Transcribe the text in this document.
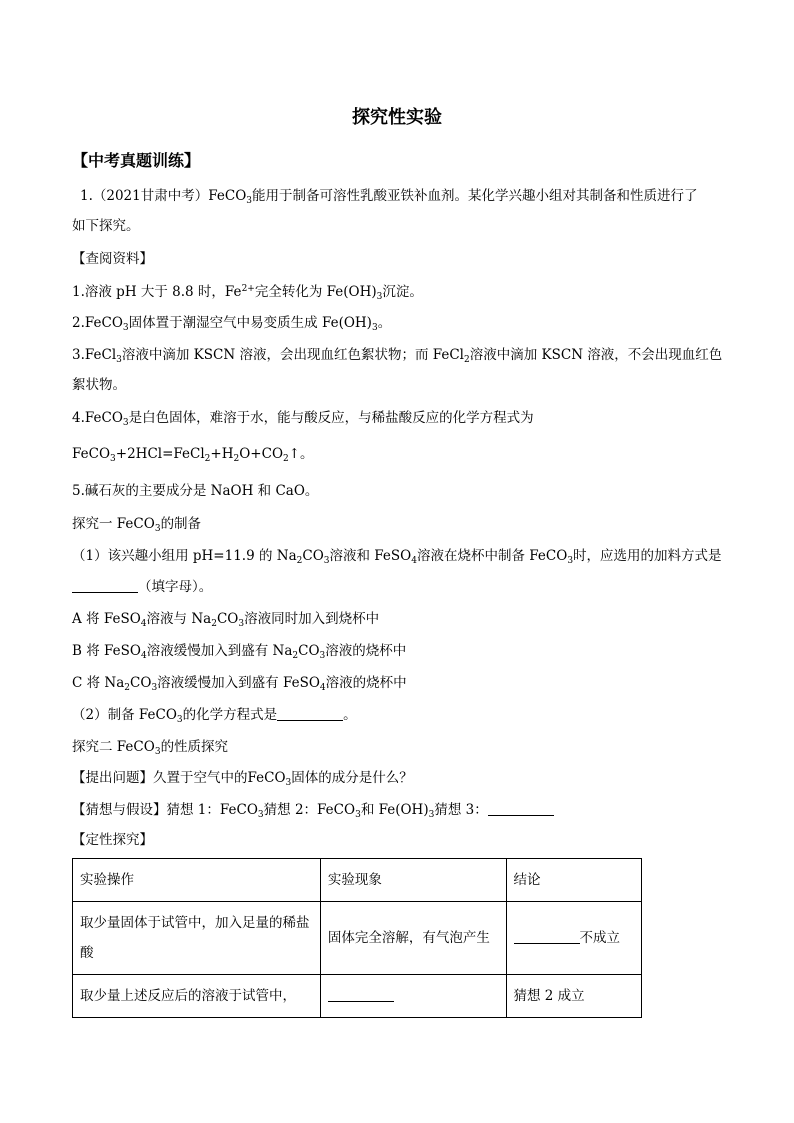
探究性实验
【中考真题训练】
1.（2021甘肃中考）FeCO$_3$能用于制备可溶性乳酸亚铁补血剂。某化学兴趣小组对其制备和性质进行了
如下探究。
【查阅资料】
1.溶液 pH 大于 8.8 时，$Fe^{2+}$完全转化为 $Fe(OH)_3$沉淀。
2.FeCO$_3$固体置于潮湿空气中易变质生成 $Fe(OH)_3$。
3.FeCl$_3$溶液中滴加 KSCN 溶液，会出现血红色絮状物；而 FeCl$_2$溶液中滴加 KSCN 溶液，不会出现血红色
絮状物。
4.FeCO$_3$是白色固体，难溶于水，能与酸反应，与稀盐酸反应的化学方程式为
$FeCO_3+2HCl=FeCl_2+H_2O+CO_2↑$。
5.碱石灰的主要成分是 NaOH 和 CaO。
探究一 FeCO$_3$的制备
（1）该兴趣小组用 pH=11.9 的 $Na_2CO_3$溶液和 FeSO$_4$溶液在烧杯中制备 FeCO$_3$时，应选用的加料方式是
（填字母）。
A 将 FeSO$_4$溶液与 $Na_2CO_3$溶液同时加入到烧杯中
B 将 FeSO$_4$溶液缓慢加入到盛有 $Na_2CO_3$溶液的烧杯中
C 将 $Na_2CO_3$溶液缓慢加入到盛有 FeSO$_4$溶液的烧杯中
（2）制备 FeCO$_3$的化学方程式是	。
探究二 FeCO$_3$的性质探究
【提出问题】久置于空气中的FeCO$_3$固体的成分是什么？
【猜想与假设】猜想 1：FeCO$_3$猜想 2：FeCO$_3$和 $Fe(OH)_3$猜想 3：
【定性探究】
实验操作	实验现象	结论
取少量固体于试管中，加入足量的稀盐酸	固体完全溶解，有气泡产生	不成立
取少量上述反应后的溶液于试管中，		猜想 2 成立
